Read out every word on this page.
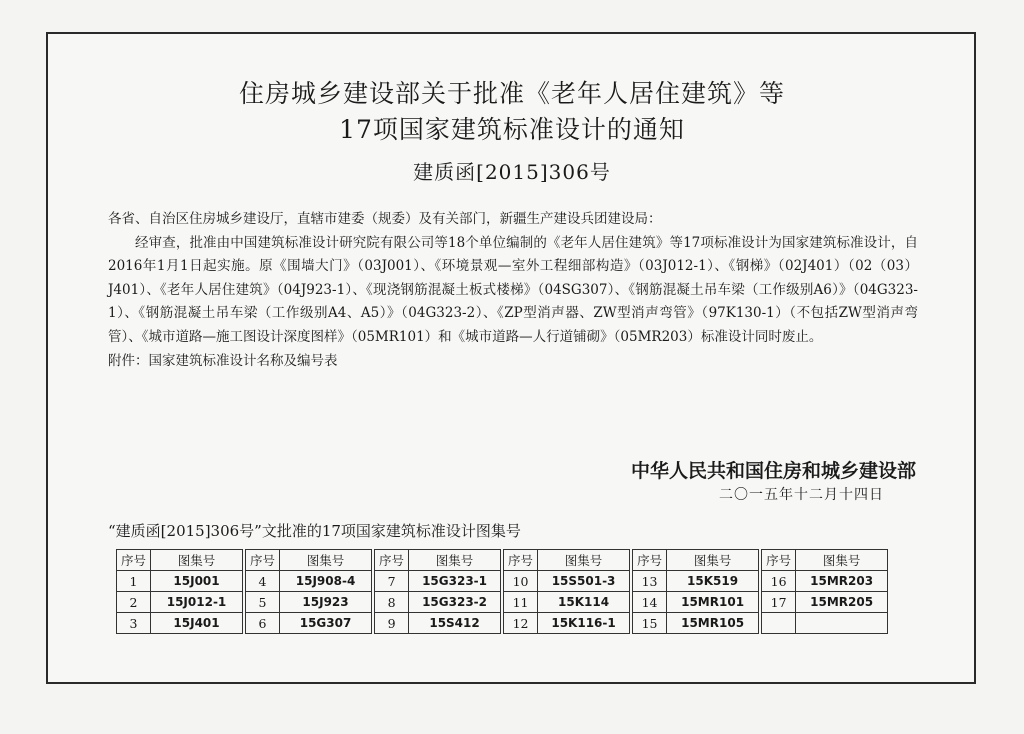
住房城乡建设部关于批准《老年人居住建筑》等
17项国家建筑标准设计的通知
建质函[2015]306号

各省、自治区住房城乡建设厅，直辖市建委（规委）及有关部门，新疆生产建设兵团建设局：

经审查，批准由中国建筑标准设计研究院有限公司等18个单位编制的《老年人居住建筑》等17项标准设计为国家建筑标准设计，自2016年1月1日起实施。原《围墙大门》（03J001）、《环境景观—室外工程细部构造》（03J012-1）、《钢梯》（02J401）（02（03）J401）、《老年人居住建筑》（04J923-1）、《现浇钢筋混凝土板式楼梯》（04SG307）、《钢筋混凝土吊车梁（工作级别A6）》（04G323-1）、《钢筋混凝土吊车梁（工作级别A4、A5）》（04G323-2）、《ZP型消声器、ZW型消声弯管》（97K130-1）（不包括ZW型消声弯管）、《城市道路—施工图设计深度图样》（05MR101）和《城市道路—人行道铺砌》（05MR203）标准设计同时废止。

附件：国家建筑标准设计名称及编号表

中华人民共和国住房和城乡建设部
二〇一五年十二月十四日
“建质函[2015]306号”文批准的17项国家建筑标准设计图集号
序号	图集号		序号	图集号		序号	图集号		序号	图集号		序号	图集号		序号	图集号
1	15J001		4	15J908-4		7	15G323-1		10	15S501-3		13	15K519		16	15MR203
2	15J012-1		5	15J923		8	15G323-2		11	15K114		14	15MR101		17	15MR205
3	15J401		6	15G307		9	15S412		12	15K116-1		15	15MR105			
